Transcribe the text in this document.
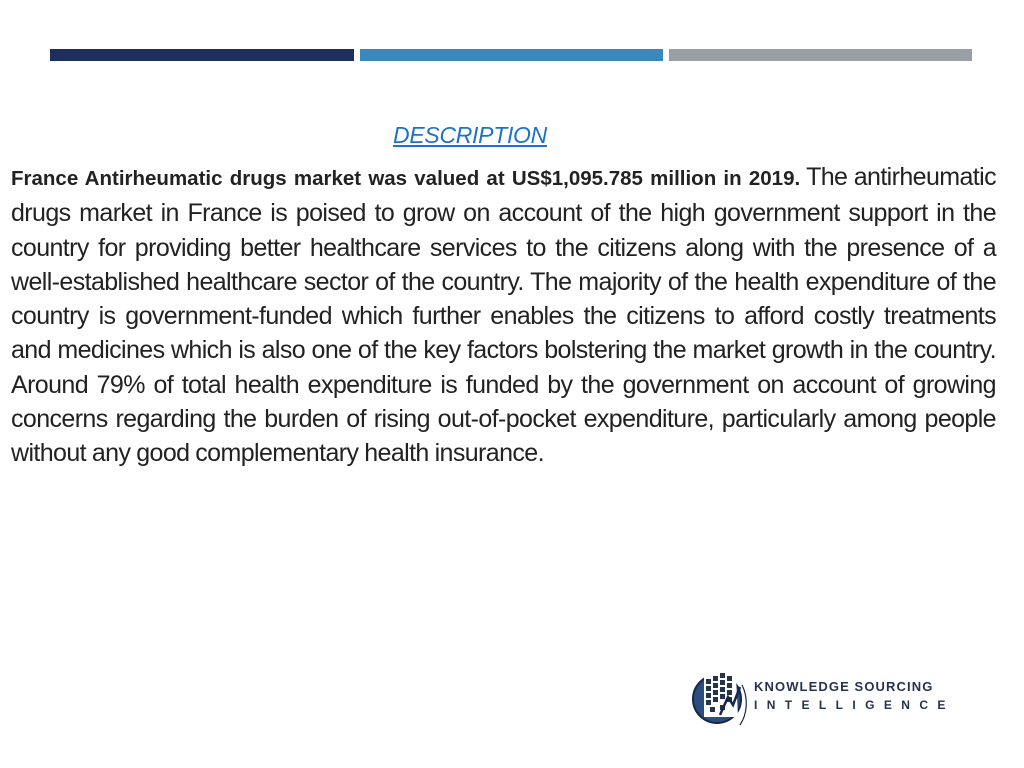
DESCRIPTION
France Antirheumatic drugs market was valued at US$1,095.785 million in 2019. The antirheumatic drugs market in France is poised to grow on account of the high government support in the country for providing better healthcare services to the citizens along with the presence of a well-established healthcare sector of the country. The majority of the health expenditure of the country is government-funded which further enables the citizens to afford costly treatments and medicines which is also one of the key factors bolstering the market growth in the country. Around 79% of total health expenditure is funded by the government on account of growing concerns regarding the burden of rising out-of-pocket expenditure, particularly among people without any good complementary health insurance.
KNOWLEDGE SOURCING
INTELLIGENCE
